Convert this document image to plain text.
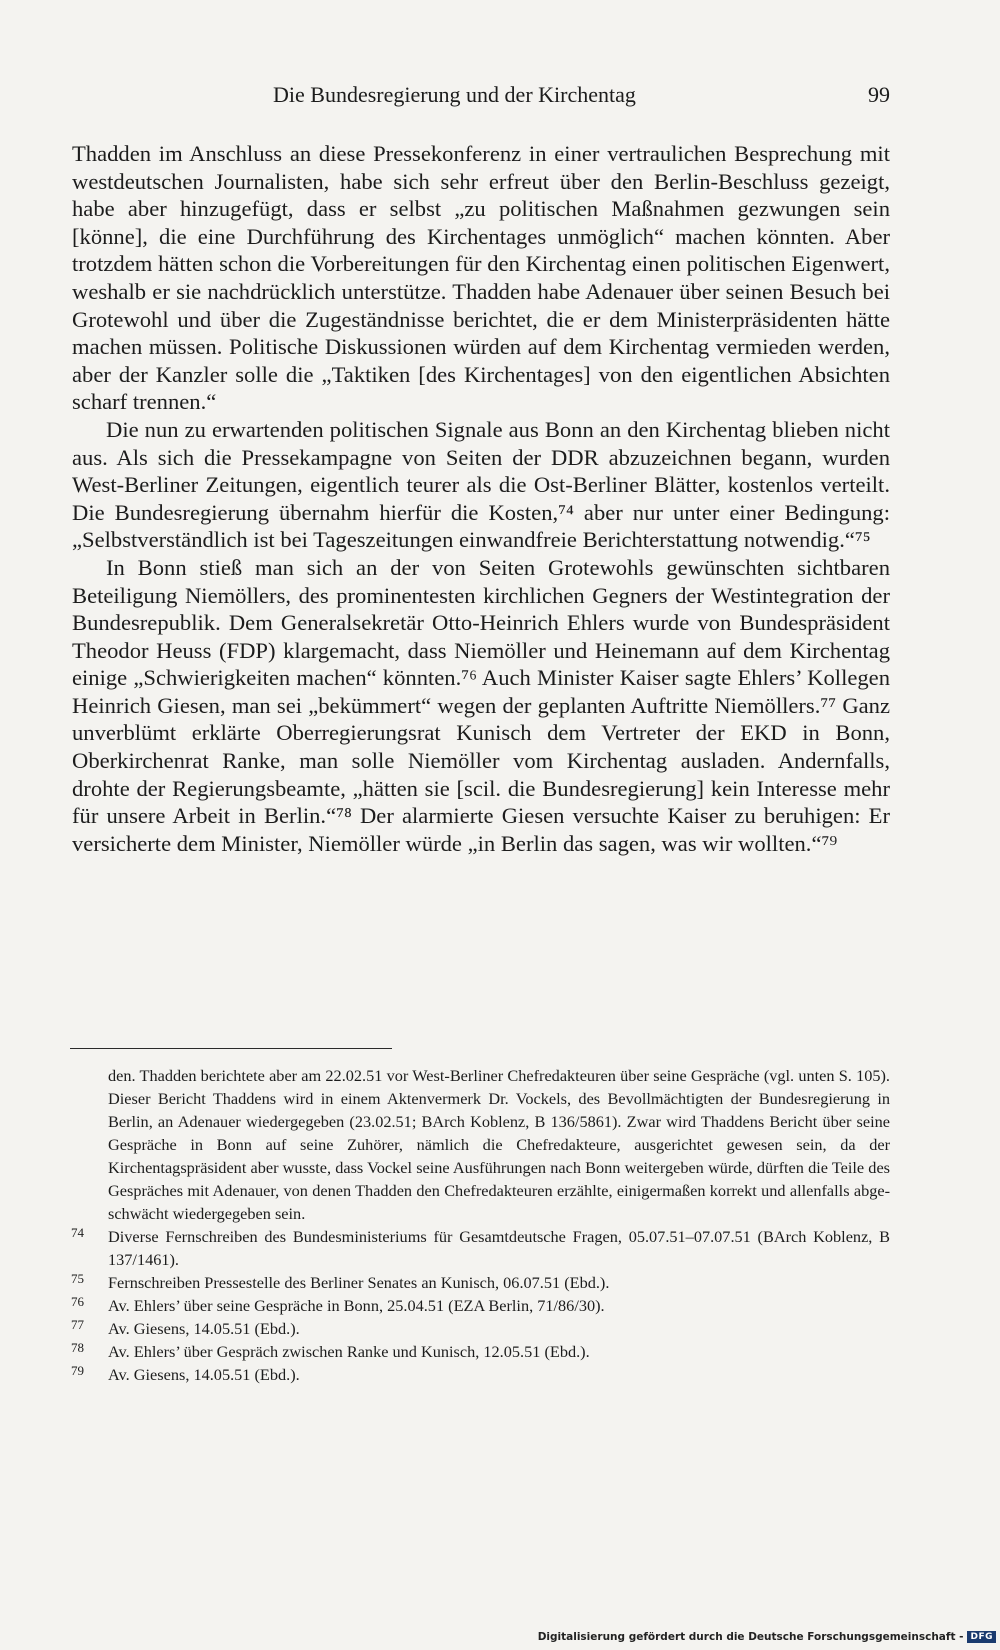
Die Bundesregierung und der Kirchentag	99

Thadden im Anschluss an diese Pressekonferenz in einer vertraulichen Besprechung mit westdeutschen Journalisten, habe sich sehr erfreut über den Berlin-Beschluss gezeigt, habe aber hinzugefügt, dass er selbst „zu politischen Maßnahmen gezwungen sein [könne], die eine Durchführung des Kirchentages unmöglich“ machen könnten. Aber trotzdem hätten schon die Vorbereitungen für den Kirchentag einen politischen Eigenwert, weshalb er sie nachdrücklich unterstütze. Thadden habe Adenauer über seinen Besuch bei Grotewohl und über die Zugeständnisse berichtet, die er dem Ministerpräsidenten hätte machen müssen. Politische Diskussionen würden auf dem Kirchentag vermieden werden, aber der Kanzler solle die „Taktiken [des Kirchentages] von den eigentlichen Absichten scharf trennen.“

Die nun zu erwartenden politischen Signale aus Bonn an den Kirchentag blieben nicht aus. Als sich die Pressekampagne von Seiten der DDR abzuzeichnen begann, wurden West-Berliner Zeitungen, eigentlich teurer als die Ost-Berliner Blätter, kostenlos verteilt. Die Bundesregierung übernahm hierfür die Kosten,⁷⁴ aber nur unter einer Bedingung: „Selbstverständlich ist bei Tageszeitungen einwandfreie Berichterstattung notwendig.“⁷⁵

In Bonn stieß man sich an der von Seiten Grotewohls gewünschten sichtbaren Beteiligung Niemöllers, des prominentesten kirchlichen Gegners der Westintegration der Bundesrepublik. Dem Generalsekretär Otto-Heinrich Ehlers wurde von Bundespräsident Theodor Heuss (FDP) klargemacht, dass Niemöller und Heinemann auf dem Kirchentag einige „Schwierigkeiten machen“ könnten.⁷⁶ Auch Minister Kaiser sagte Ehlers’ Kollegen Heinrich Giesen, man sei „bekümmert“ wegen der geplanten Auftritte Niemöllers.⁷⁷ Ganz unverblümt erklärte Oberregierungsrat Kunisch dem Vertreter der EKD in Bonn, Oberkirchenrat Ranke, man solle Niemöller vom Kirchentag ausladen. Andernfalls, drohte der Regierungsbeamte, „hätten sie [scil. die Bundesregierung] kein Interesse mehr für unsere Arbeit in Berlin.“⁷⁸ Der alarmierte Giesen versuchte Kaiser zu beruhigen: Er versicherte dem Minister, Niemöller würde „in Berlin das sagen, was wir wollten.“⁷⁹

den. Thadden berichtete aber am 22.02.51 vor West-Berliner Chefredakteuren über seine Gespräche (vgl. unten S. 105). Dieser Bericht Thaddens wird in einem Aktenvermerk Dr. Vockels, des Bevollmächtigten der Bundesregierung in Berlin, an Adenauer wiedergegeben (23.02.51; BArch Koblenz, B 136/5861). Zwar wird Thaddens Bericht über seine Gespräche in Bonn auf seine Zuhörer, nämlich die Chefredakteure, ausgerichtet gewesen sein, da der Kirchentagspräsident aber wusste, dass Vockel seine Ausführungen nach Bonn weitergeben würde, dürften die Teile des Gespräches mit Adenauer, von denen Thadden den Chefredakteuren erzählte, einigermaßen korrekt und allenfalls abgeschwächt wiedergegeben sein.
74 Diverse Fernschreiben des Bundesministeriums für Gesamtdeutsche Fragen, 05.07.51–07.07.51 (BArch Koblenz, B 137/1461).
75 Fernschreiben Pressestelle des Berliner Senates an Kunisch, 06.07.51 (Ebd.).
76 Av. Ehlers’ über seine Gespräche in Bonn, 25.04.51 (EZA Berlin, 71/86/30).
77 Av. Giesens, 14.05.51 (Ebd.).
78 Av. Ehlers’ über Gespräch zwischen Ranke und Kunisch, 12.05.51 (Ebd.).
79 Av. Giesens, 14.05.51 (Ebd.).
Digitalisierung gefördert durch die Deutsche Forschungsgemeinschaft - DFG
